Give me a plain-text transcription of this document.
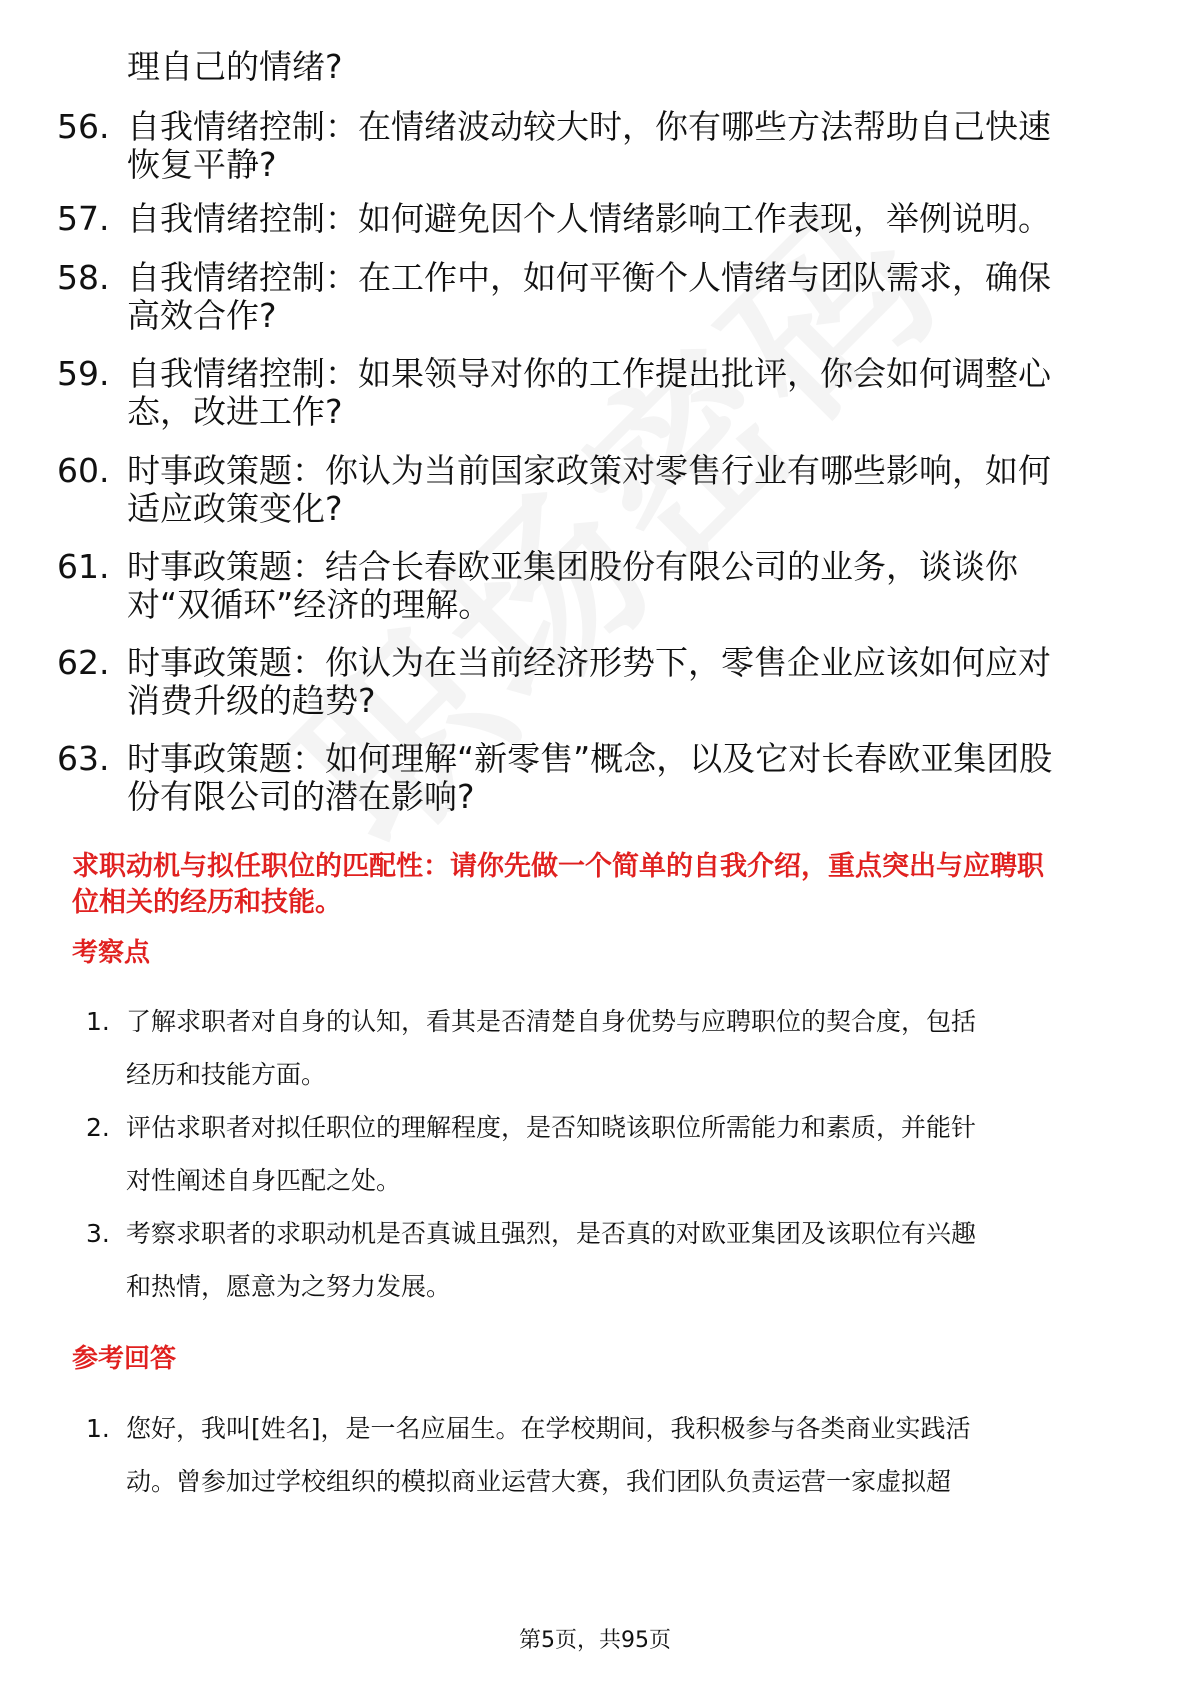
理自己的情绪?
56. 自我情绪控制：在情绪波动较大时，你有哪些方法帮助自己快速
恢复平静?
57. 自我情绪控制：如何避免因个人情绪影响工作表现，举例说明。
58. 自我情绪控制：在工作中，如何平衡个人情绪与团队需求，确保
高效合作?
59. 自我情绪控制：如果领导对你的工作提出批评，你会如何调整心
态，改进工作?
60. 时事政策题：你认为当前国家政策对零售行业有哪些影响，如何
适应政策变化?
61. 时事政策题：结合长春欧亚集团股份有限公司的业务，谈谈你
对“双循环”经济的理解。
62. 时事政策题：你认为在当前经济形势下，零售企业应该如何应对
消费升级的趋势?
63. 时事政策题：如何理解“新零售”概念，以及它对长春欧亚集团股
份有限公司的潜在影响?
求职动机与拟任职位的匹配性：请你先做一个简单的自我介绍，重点突出与应聘职
位相关的经历和技能。
考察点
1. 了解求职者对自身的认知，看其是否清楚自身优势与应聘职位的契合度，包括
经历和技能方面。
2. 评估求职者对拟任职位的理解程度，是否知晓该职位所需能力和素质，并能针
对性阐述自身匹配之处。
3. 考察求职者的求职动机是否真诚且强烈，是否真的对欧亚集团及该职位有兴趣
和热情，愿意为之努力发展。
参考回答
1. 您好，我叫[姓名]，是一名应届生。在学校期间，我积极参与各类商业实践活
动。曾参加过学校组织的模拟商业运营大赛，我们团队负责运营一家虚拟超
第5页，共95页
